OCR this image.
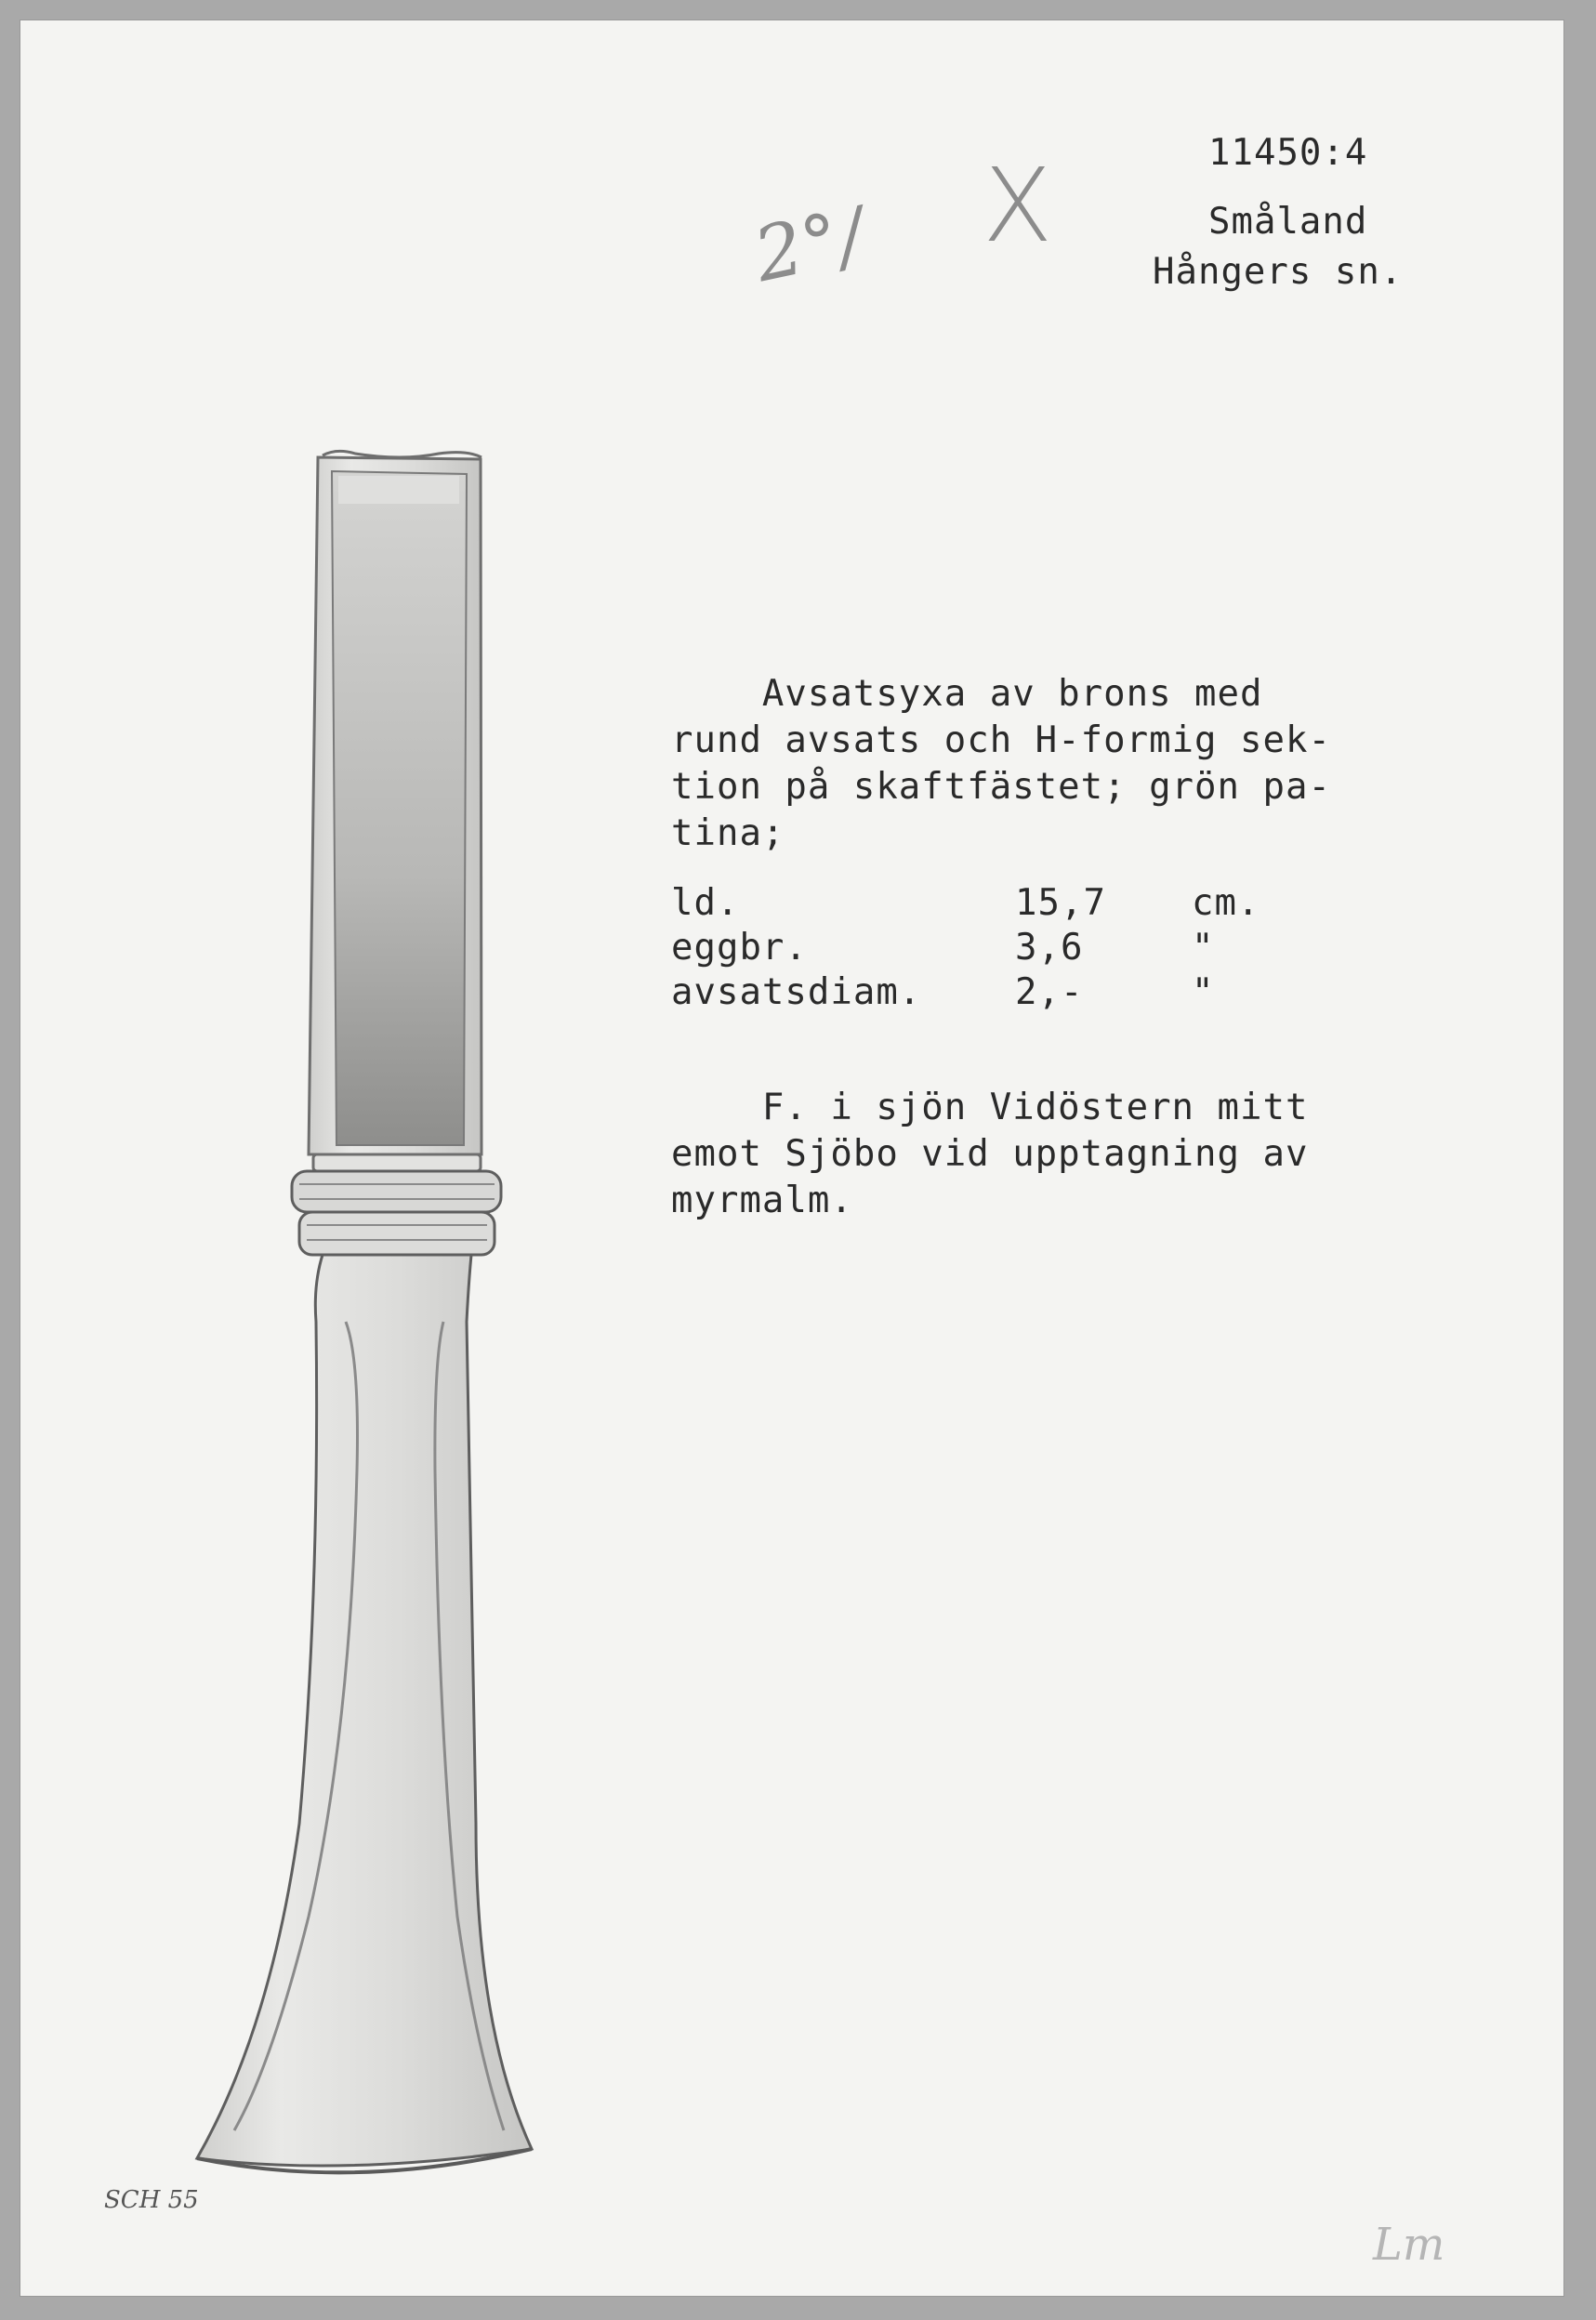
2°/ X	11450:4
Småland
Hångers sn.
Avsatsyxa av brons med
rund avsats och H-formig sek-
tion på skaftfästet; grön pa-
tina;
ld.	15,7	cm.
eggbr.	3,6	"
avsatsdiam.	2,-	"
F. i sjön Vidöstern mitt
emot Sjöbo vid upptagning av
myrmalm.
SCH 55
Lm
